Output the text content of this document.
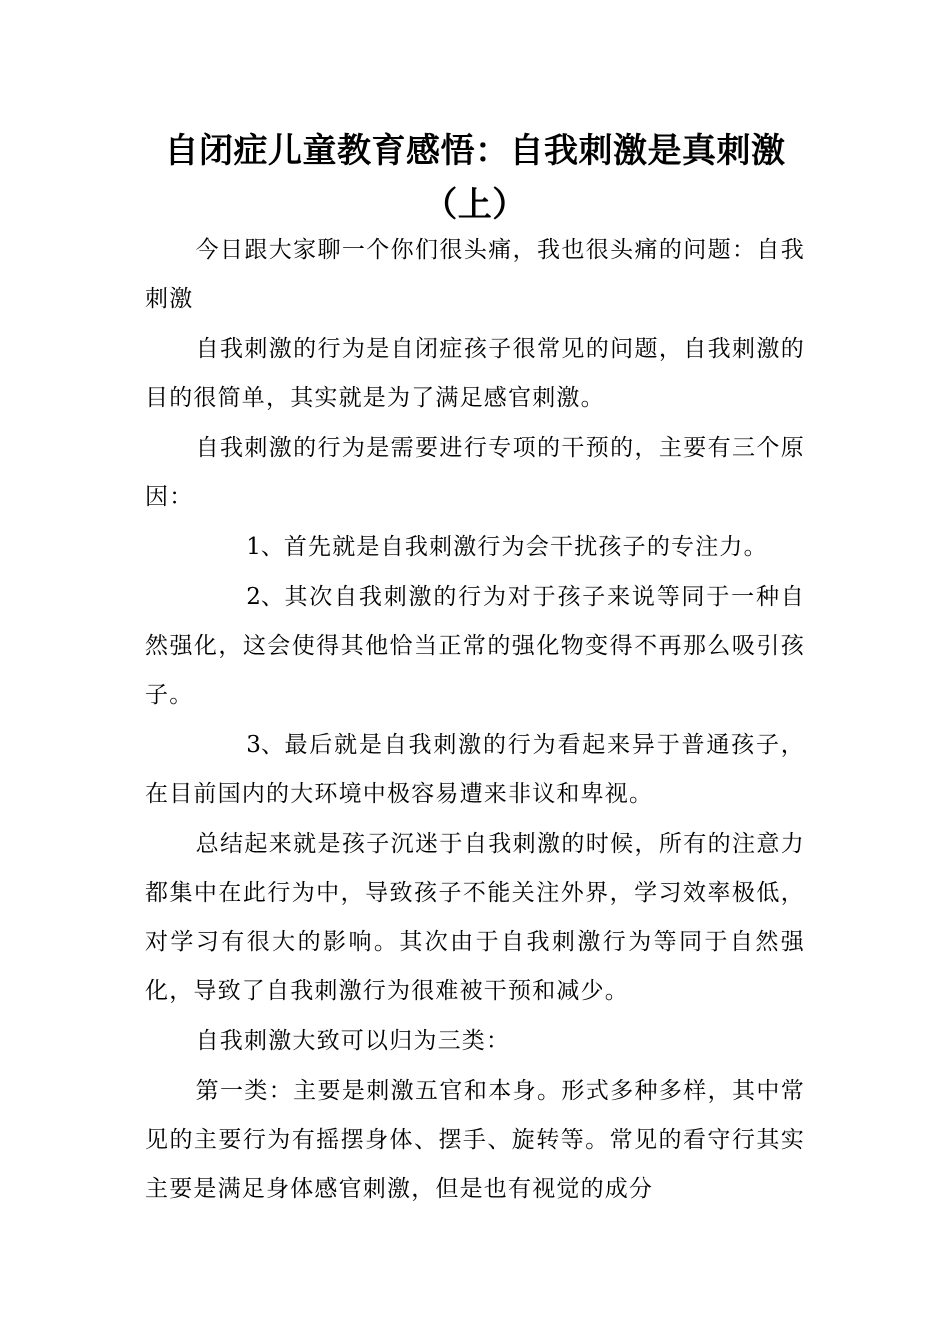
自闭症儿童教育感悟：自我刺激是真刺激
（上）

今日跟大家聊一个你们很头痛，我也很头痛的问题：自我刺激

自我刺激的行为是自闭症孩子很常见的问题，自我刺激的目的很简单，其实就是为了满足感官刺激。

自我刺激的行为是需要进行专项的干预的，主要有三个原因：

1、首先就是自我刺激行为会干扰孩子的专注力。

2、其次自我刺激的行为对于孩子来说等同于一种自然强化，这会使得其他恰当正常的强化物变得不再那么吸引孩子。

3、最后就是自我刺激的行为看起来异于普通孩子，在目前国内的大环境中极容易遭来非议和卑视。

总结起来就是孩子沉迷于自我刺激的时候，所有的注意力都集中在此行为中，导致孩子不能关注外界，学习效率极低，对学习有很大的影响。其次由于自我刺激行为等同于自然强化，导致了自我刺激行为很难被干预和减少。

自我刺激大致可以归为三类：

第一类：主要是刺激五官和本身。形式多种多样，其中常见的主要行为有摇摆身体、摆手、旋转等。常见的看守行其实主要是满足身体感官刺激，但是也有视觉的成分
